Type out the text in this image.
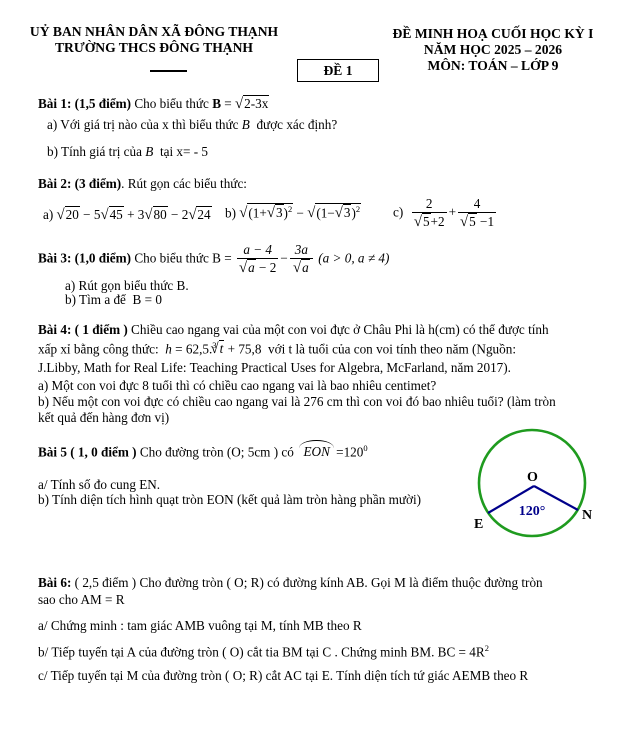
UỶ BAN NHÂN DÂN XÃ ĐÔNG THẠNH
TRƯỜNG THCS ĐÔNG THẠNH
ĐỀ MINH HOẠ CUỐI HỌC KỲ I
NĂM HỌC 2025 – 2026
MÔN: TOÁN – LỚP 9
ĐỀ 1
Bài 1: (1,5 điểm) Cho biểu thức B = √ 2-3x
a) Với giá trị nào của x thì biểu thức B  được xác định?
b) Tính giá trị của B  tại x= - 5
Bài 2: (3 điểm). Rút gọn các biểu thức:
a) √ 20 − 5 √ 45 + 3 √ 80 − 2 √ 24 b) √ (1+ √ 3)$^2$ − √ (1− √ 3)$^2$ c) 2
√ 5+2 + 4
√ 5 −1
Bài 3: (1,0 điểm) Cho biểu thức B = a − 4
√ a − 2 − 3a
√ a (a > 0, a ≠ 4)
a) Rút gọn biểu thức B.
b) Tìm a để  B = 0
Bài 4: ( 1 điểm ) Chiều cao ngang vai của một con voi đực ở Châu Phi là h(cm) có thể được tính
xấp xỉ bằng công thức:  h = 62,5.$^3$ √ t + 75,8  với t là tuổi của con voi tính theo năm (Nguồn:
J.Libby, Math for Real Life: Teaching Practical Uses for Algebra, McFarland, năm 2017).
a) Một con voi đực 8 tuổi thì có chiều cao ngang vai là bao nhiêu centimet?
b) Nếu một con voi đực có chiều cao ngang vai là 276 cm thì con voi đó bao nhiêu tuổi? (làm tròn
kết quả đến hàng đơn vị)
Bài 5 ( 1, 0 điểm ) Cho đường tròn (O; 5cm ) có  EON $=120^0$
a/ Tính số đo cung EN.
b) Tính diện tích hình quạt tròn EON (kết quả làm tròn hàng phần mười)
O
120°
E
N
Bài 6: ( 2,5 điểm ) Cho đường tròn ( O; R) có đường kính AB. Gọi M là điểm thuộc đường tròn
sao cho AM = R
a/ Chứng minh : tam giác AMB vuông tại M, tính MB theo R
b/ Tiếp tuyến tại A của đường tròn ( O) cắt tia BM tại C . Chứng minh BM. BC = $4R^2$
c/ Tiếp tuyến tại M của đường tròn ( O; R) cắt AC tại E. Tính diện tích tứ giác AEMB theo R
